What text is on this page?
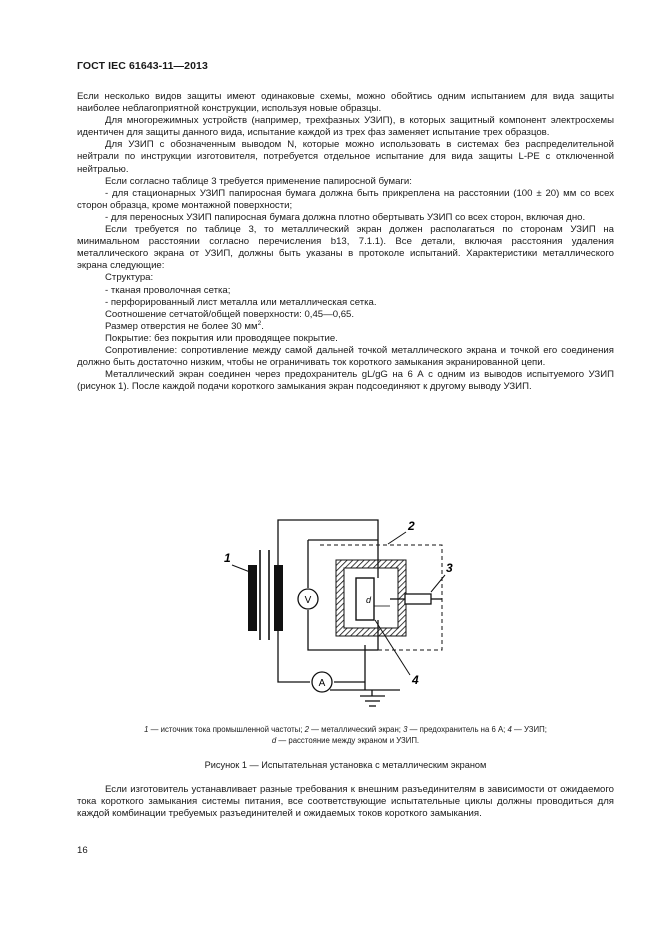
ГОСТ IEC 61643-11—2013

Если несколько видов защиты имеют одинаковые схемы, можно обойтись одним испытанием для вида защиты наиболее неблагоприятной конструкции, используя новые образцы.

Для многорежимных устройств (например, трехфазных УЗИП), в которых защитный компонент электросхемы идентичен для защиты данного вида, испытание каждой из трех фаз заменяет испытание трех образцов.

Для УЗИП с обозначенным выводом N, которые можно использовать в системах без распределительной нейтрали по инструкции изготовителя, потребуется отдельное испытание для вида защиты L-PE с отключенной нейтралью.

Если согласно таблице 3 требуется применение папиросной бумаги:

- для стационарных УЗИП папиросная бумага должна быть прикреплена на расстоянии (100 ± 20) мм со всех сторон образца, кроме монтажной поверхности;

- для переносных УЗИП папиросная бумага должна плотно обертывать УЗИП со всех сторон, включая дно.

Если требуется по таблице 3, то металлический экран должен располагаться по сторонам УЗИП на минимальном расстоянии согласно перечисления b13, 7.1.1). Все детали, включая расстояния удаления металлического экрана от УЗИП, должны быть указаны в протоколе испытаний. Характеристики металлического экрана следующие:

Структура:

- тканая проволочная сетка;

- перфорированный лист металла или металлическая сетка.

Соотношение сетчатой/общей поверхности: 0,45—0,65.

Размер отверстия не более 30 $мм^2$.

Покрытие: без покрытия или проводящее покрытие.

Сопротивление: сопротивление между самой дальней точкой металлического экрана и точкой его соединения должно быть достаточно низким, чтобы не ограничивать ток короткого замыкания экранированной цепи.

Металлический экран соединен через предохранитель gL/gG на 6 А с одним из выводов испытуемого УЗИП (рисунок 1). После каждой подачи короткого замыкания экран подсоединяют к другому выводу УЗИП.

d
V
A
1
2
3
4
1 — источник тока промышленной частоты; 2 — металлический экран; 3 — предохранитель на 6 А; 4 — УЗИП;
d — расстояние между экраном и УЗИП.
Рисунок 1 — Испытательная установка с металлическим экраном

Если изготовитель устанавливает разные требования к внешним разъединителям в зависимости от ожидаемого тока короткого замыкания системы питания, все соответствующие испытательные циклы должны проводиться для каждой комбинации требуемых разъединителей и ожидаемых токов короткого замыкания.

16
